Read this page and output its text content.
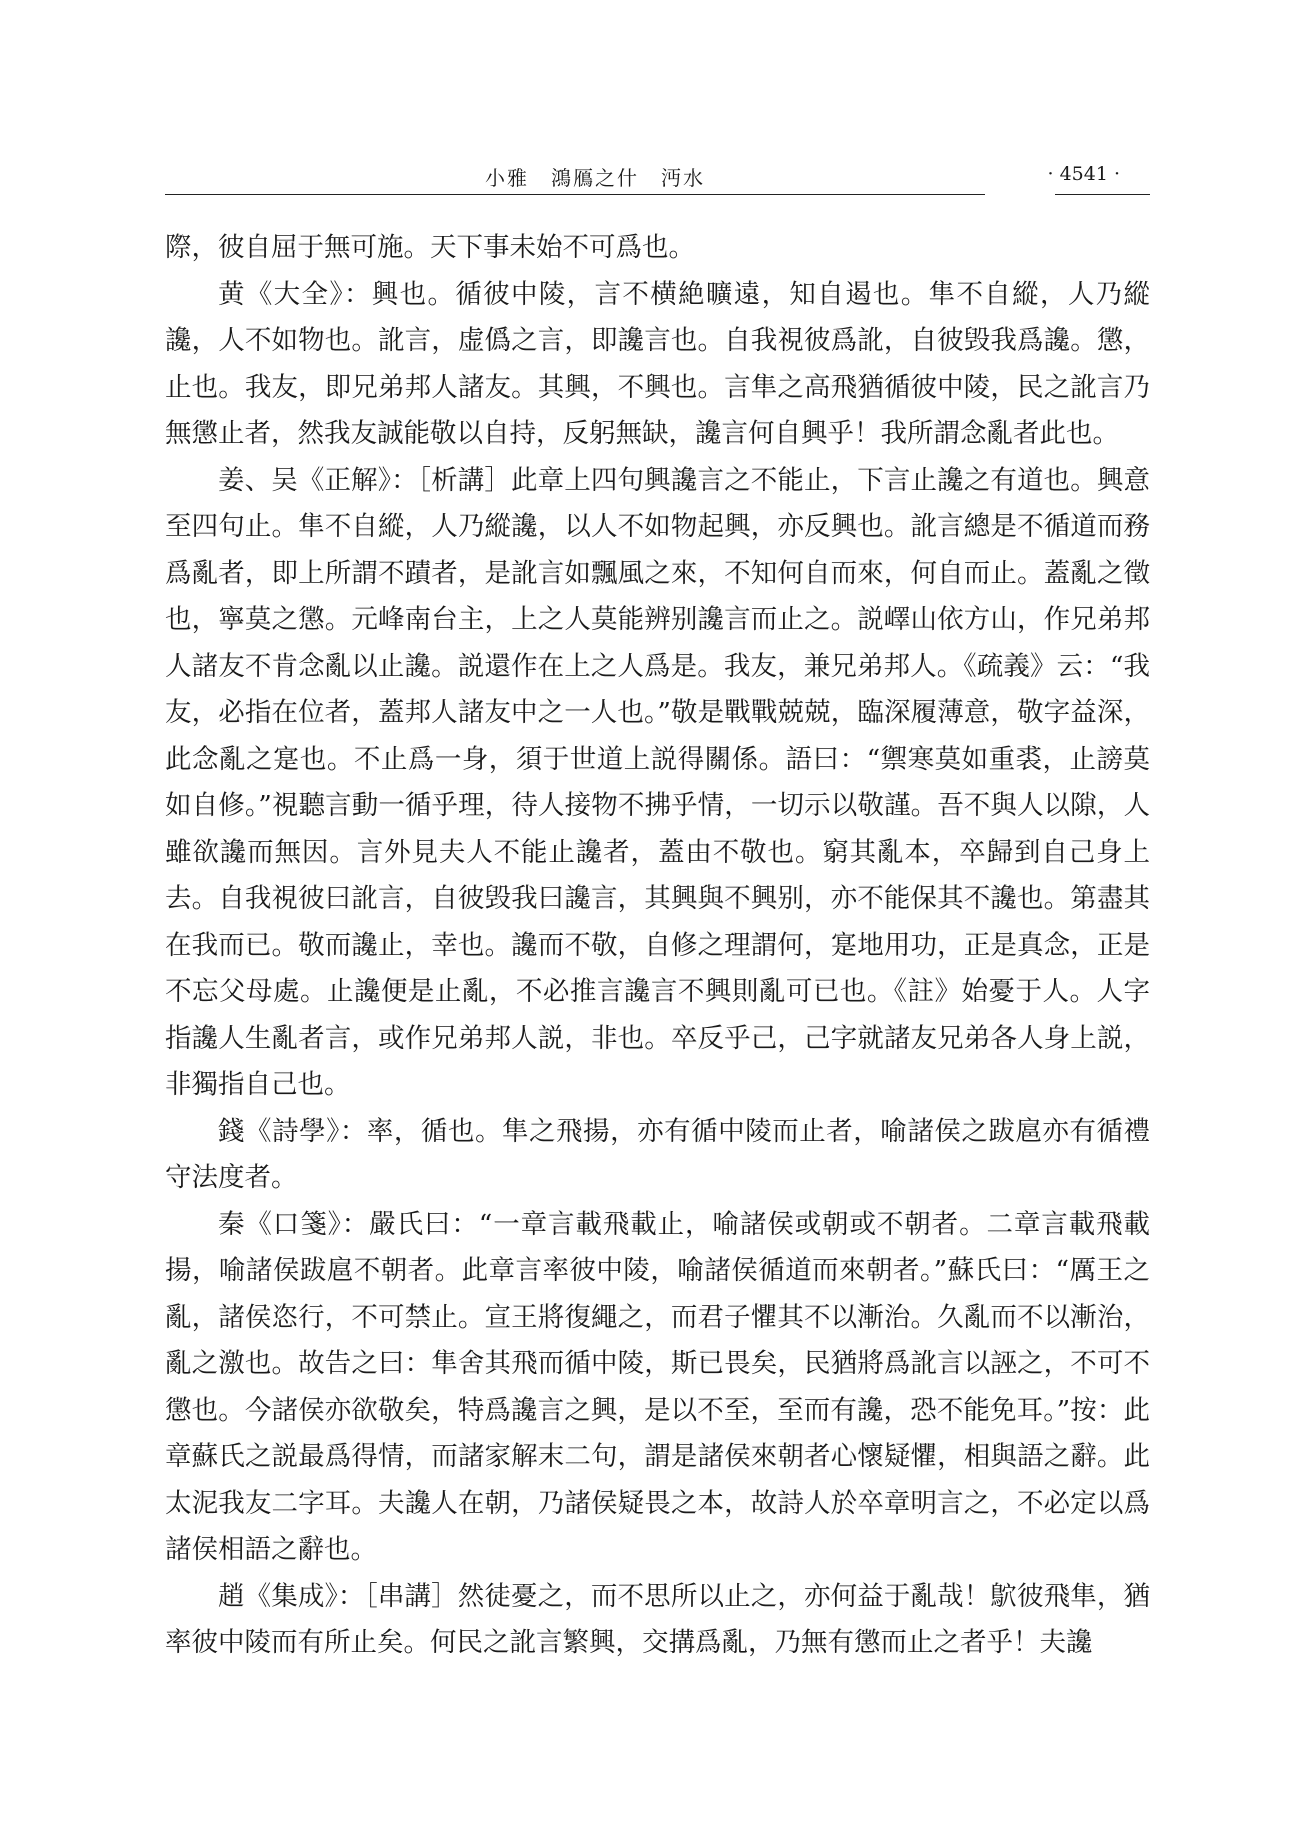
小雅　鴻鴈之什　沔水	· 4541 ·

際，彼自屈于無可施。天下事未始不可爲也。

黄《大全》：興也。循彼中陵，言不横絶曠遠，知自遏也。隼不自縱，人乃縱讒，人不如物也。訛言，虚僞之言，即讒言也。自我視彼爲訛，自彼毁我爲讒。懲，止也。我友，即兄弟邦人諸友。其興，不興也。言隼之高飛猶循彼中陵，民之訛言乃無懲止者，然我友誠能敬以自持，反躬無缺，讒言何自興乎！我所謂念亂者此也。

姜、吴《正解》：［析講］此章上四句興讒言之不能止，下言止讒之有道也。興意至四句止。隼不自縱，人乃縱讒，以人不如物起興，亦反興也。訛言總是不循道而務爲亂者，即上所謂不蹟者，是訛言如飄風之來，不知何自而來，何自而止。蓋亂之徵也，寧莫之懲。元峰南台主，上之人莫能辨别讒言而止之。説嶧山依方山，作兄弟邦人諸友不肯念亂以止讒。説還作在上之人爲是。我友，兼兄弟邦人。《疏義》云：“我友，必指在位者，蓋邦人諸友中之一人也。”敬是戰戰兢兢，臨深履薄意，敬字益深，此念亂之寔也。不止爲一身，須于世道上説得關係。語曰：“禦寒莫如重裘，止謗莫如自修。”視聽言動一循乎理，待人接物不拂乎情，一切示以敬謹。吾不與人以隙，人雖欲讒而無因。言外見夫人不能止讒者，蓋由不敬也。窮其亂本，卒歸到自己身上去。自我視彼曰訛言，自彼毁我曰讒言，其興與不興别，亦不能保其不讒也。第盡其在我而已。敬而讒止，幸也。讒而不敬，自修之理謂何，寔地用功，正是真念，正是不忘父母處。止讒便是止亂，不必推言讒言不興則亂可已也。《註》始憂于人。人字指讒人生亂者言，或作兄弟邦人説，非也。卒反乎己，己字就諸友兄弟各人身上説，非獨指自己也。

錢《詩學》：率，循也。隼之飛揚，亦有循中陵而止者，喻諸侯之跋扈亦有循禮守法度者。

秦《口箋》：嚴氏曰：“一章言載飛載止，喻諸侯或朝或不朝者。二章言載飛載揚，喻諸侯跋扈不朝者。此章言率彼中陵，喻諸侯循道而來朝者。”蘇氏曰：“厲王之亂，諸侯恣行，不可禁止。宣王將復繩之，而君子懼其不以漸治。久亂而不以漸治，亂之激也。故告之曰：隼舍其飛而循中陵，斯已畏矣，民猶將爲訛言以誣之，不可不懲也。今諸侯亦欲敬矣，特爲讒言之興，是以不至，至而有讒，恐不能免耳。”按：此章蘇氏之説最爲得情，而諸家解末二句，謂是諸侯來朝者心懷疑懼，相與語之辭。此太泥我友二字耳。夫讒人在朝，乃諸侯疑畏之本，故詩人於卒章明言之，不必定以爲諸侯相語之辭也。

趙《集成》：［串講］然徒憂之，而不思所以止之，亦何益于亂哉！鴥彼飛隼，猶率彼中陵而有所止矣。何民之訛言繁興，交搆爲亂，乃無有懲而止之者乎！夫讒
